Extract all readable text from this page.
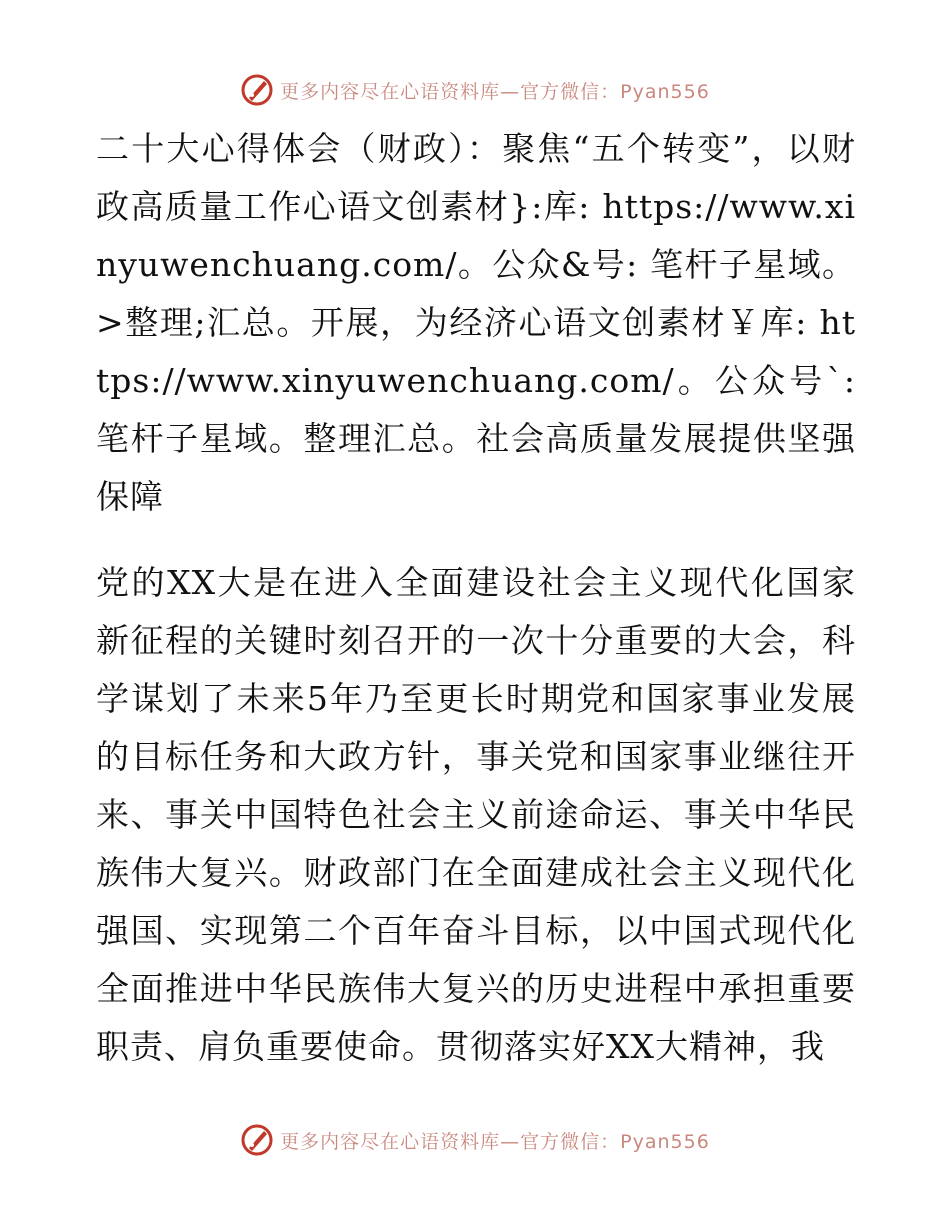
更多内容尽在心语资料库—官方微信：Pyan556

二十大心得体会（财政）：聚焦“五个转变”，以财政高质量工作心语文创素材}:库: https://www.xinyuwenchuang.com/。公众&号: 笔杆子星域。>整理;汇总。开展，为经济心语文创素材￥库: https://www.xinyuwenchuang.com/。公众号`: 笔杆子星域。整理汇总。社会高质量发展提供坚强保障

党的XX大是在进入全面建设社会主义现代化国家新征程的关键时刻召开的一次十分重要的大会，科学谋划了未来5年乃至更长时期党和国家事业发展的目标任务和大政方针，事关党和国家事业继往开来、事关中国特色社会主义前途命运、事关中华民族伟大复兴。财政部门在全面建成社会主义现代化强国、实现第二个百年奋斗目标，以中国式现代化全面推进中华民族伟大复兴的历史进程中承担重要职责、肩负重要使命。贯彻落实好XX大精神，我

更多内容尽在心语资料库—官方微信：Pyan556
